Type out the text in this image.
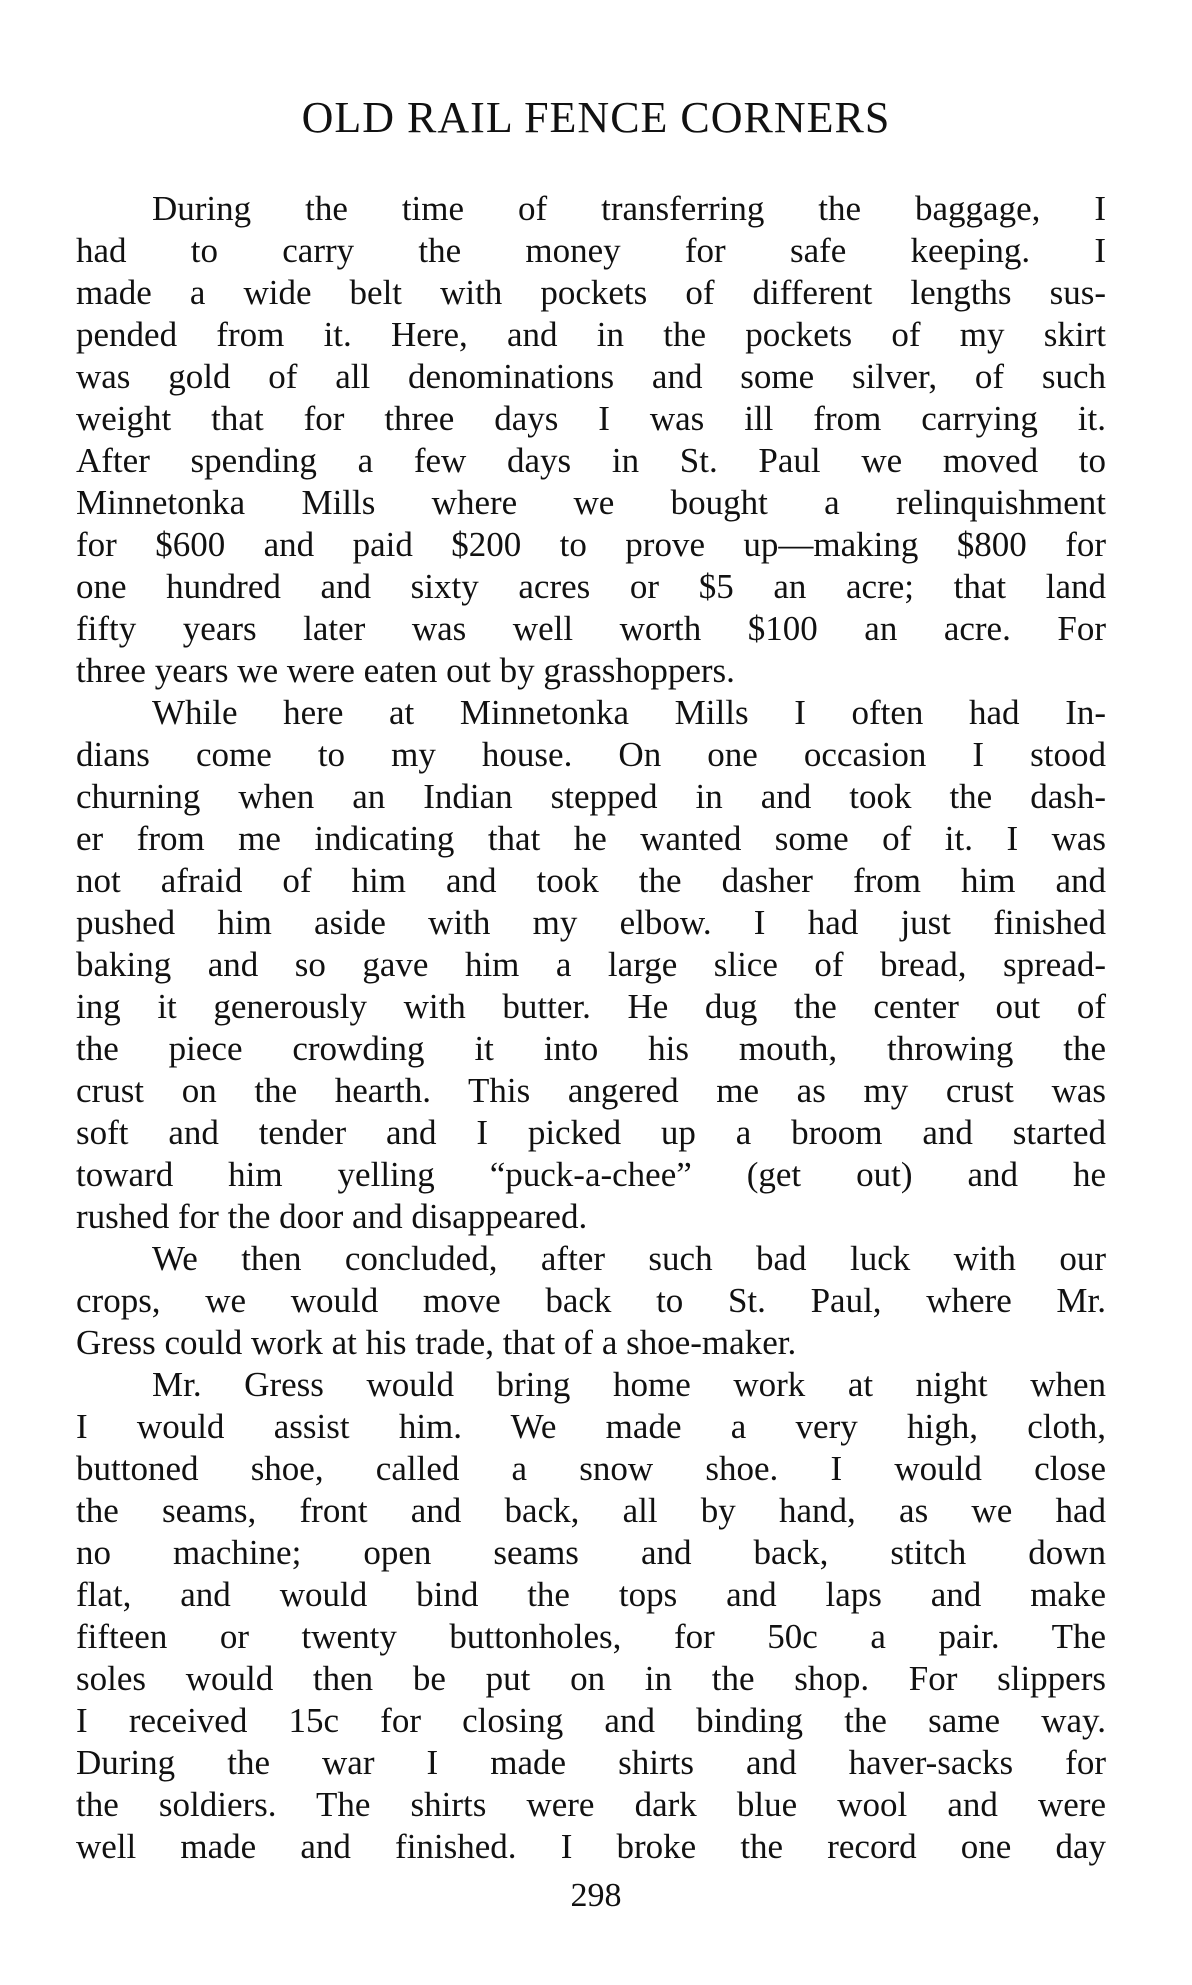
OLD RAIL FENCE CORNERS

During the time of transferring the baggage, I

had to carry the money for safe keeping. I

made a wide belt with pockets of different lengths sus-

pended from it. Here, and in the pockets of my skirt

was gold of all denominations and some silver, of such

weight that for three days I was ill from carrying it.

After spending a few days in St. Paul we moved to

Minnetonka Mills where we bought a relinquishment

for $600 and paid $200 to prove up—making $800 for

one hundred and sixty acres or $5 an acre; that land

fifty years later was well worth $100 an acre. For

three years we were eaten out by grasshoppers.

While here at Minnetonka Mills I often had In-

dians come to my house. On one occasion I stood

churning when an Indian stepped in and took the dash-

er from me indicating that he wanted some of it. I was

not afraid of him and took the dasher from him and

pushed him aside with my elbow. I had just finished

baking and so gave him a large slice of bread, spread-

ing it generously with butter. He dug the center out of

the piece crowding it into his mouth, throwing the

crust on the hearth. This angered me as my crust was

soft and tender and I picked up a broom and started

toward him yelling “puck-a-chee” (get out) and he

rushed for the door and disappeared.

We then concluded, after such bad luck with our

crops, we would move back to St. Paul, where Mr.

Gress could work at his trade, that of a shoe-maker.

Mr. Gress would bring home work at night when

I would assist him. We made a very high, cloth,

buttoned shoe, called a snow shoe. I would close

the seams, front and back, all by hand, as we had

no machine; open seams and back, stitch down

flat, and would bind the tops and laps and make

fifteen or twenty buttonholes, for 50c a pair. The

soles would then be put on in the shop. For slippers

I received 15c for closing and binding the same way.

During the war I made shirts and haver-sacks for

the soldiers. The shirts were dark blue wool and were

well made and finished. I broke the record one day

298
